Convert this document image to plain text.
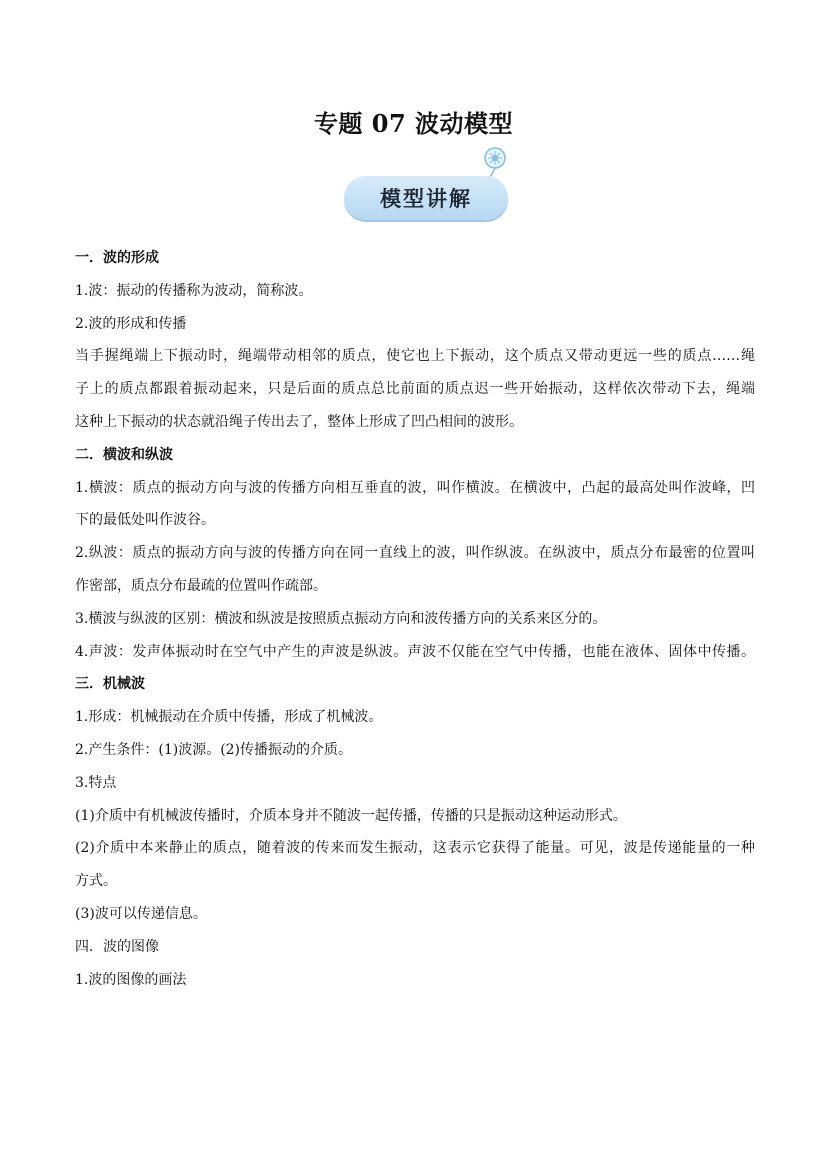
专题 07 波动模型
模型讲解
一．波的形成
1.波：振动的传播称为波动，简称波。
2.波的形成和传播
当手握绳端上下振动时，绳端带动相邻的质点，使它也上下振动，这个质点又带动更远一些的质点……绳
子上的质点都跟着振动起来，只是后面的质点总比前面的质点迟一些开始振动，这样依次带动下去，绳端
这种上下振动的状态就沿绳子传出去了，整体上形成了凹凸相间的波形。
二．横波和纵波
1.横波：质点的振动方向与波的传播方向相互垂直的波，叫作横波。在横波中，凸起的最高处叫作波峰，凹
下的最低处叫作波谷。
2.纵波：质点的振动方向与波的传播方向在同一直线上的波，叫作纵波。在纵波中，质点分布最密的位置叫
作密部，质点分布最疏的位置叫作疏部。
3.横波与纵波的区别：横波和纵波是按照质点振动方向和波传播方向的关系来区分的。
4.声波：发声体振动时在空气中产生的声波是纵波。声波不仅能在空气中传播，也能在液体、固体中传播。
三．机械波
1.形成：机械振动在介质中传播，形成了机械波。
2.产生条件：(1)波源。(2)传播振动的介质。
3.特点
(1)介质中有机械波传播时，介质本身并不随波一起传播，传播的只是振动这种运动形式。
(2)介质中本来静止的质点，随着波的传来而发生振动，这表示它获得了能量。可见，波是传递能量的一种
方式。
(3)波可以传递信息。
四．波的图像
1.波的图像的画法
